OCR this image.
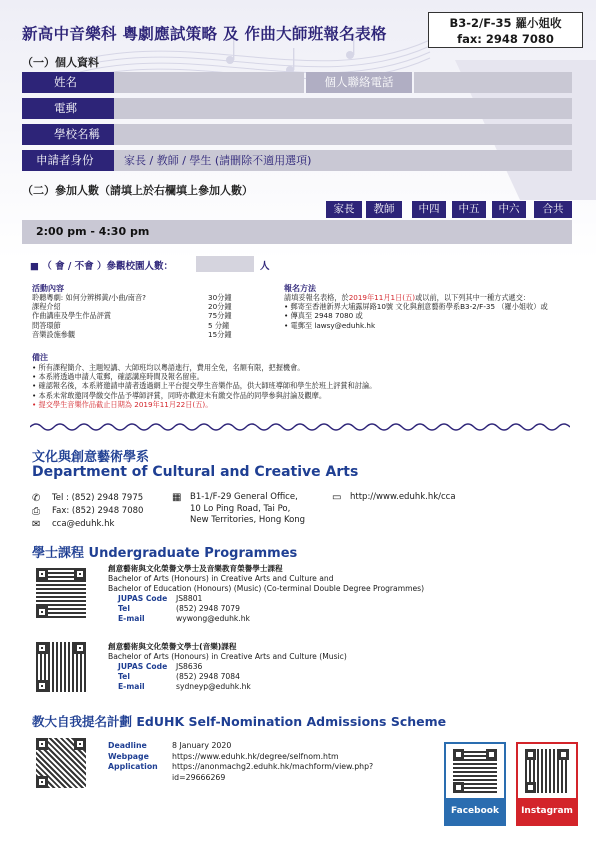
新高中音樂科 粵劇應試策略 及 作曲大師班報名表格
B3-2/F-35 羅小姐收
fax: 2948 7080
（一）個人資料
姓名	個人聯絡電話
電郵
學校名稱
申請者身份	家長 / 教師 / 學生 (請刪除不適用選項)
（二）參加人數（請填上於右欄填上參加人數）
家長	教師	中四	中五	中六	合共
2:00 pm - 4:30 pm
■ （ 會 / 不會 ）參觀校園人數：	人
活動內容
聆聽粵劇: 如何分辨梆黃/小曲/南音?	30分鐘
課程介紹	20分鐘
作曲講座及學生作品評賞	75分鐘
問答環節	5 分鐘
音樂設施參觀	15分鐘
報名方法
請填妥報名表格，於2019年11月1日(五)或以前，以下列其中一種方式遞交：
• 郵寄至香港新界大埔露屏路10號 文化與創意藝術學系B3-2/F-35 （羅小姐收）或
• 傳真至 2948 7080 或
• 電郵至 lawsy@eduhk.hk
備注
• 所有課程簡介、主題短講、大師班均以粵語進行，費用全免，名額有限，把握機會。
• 本系將透過申請人電郵，確認講座時間及報名留座。
• 確認報名後，本系將邀請申請者透過網上平台提交學生音樂作品，供大師班導師和學生於班上評賞和討論。
• 本系未常敢邀同學繳交作品予導師評賞，同時亦歡迎未有繳交作品的同學參與討論及觀摩。
• 提交學生音樂作品截止日期為 2019年11月22日(五)。
文化與創意藝術學系
Department of Cultural and Creative Arts
✆	Tel : (852) 2948 7975
⎙	Fax: (852) 2948 7080
✉	cca@eduhk.hk
▦	B1-1/F-29 General Office,
10 Lo Ping Road, Tai Po,
New Territories, Hong Kong
▭	http://www.eduhk.hk/cca
學士課程 Undergraduate Programmes
創意藝術與文化榮譽文學士及音樂教育榮譽學士課程
Bachelor of Arts (Honours) in Creative Arts and Culture and
Bachelor of Education (Honours) (Music) (Co-terminal Double Degree Programmes)
JUPAS Code	JS8801
Tel	(852) 2948 7079
E-mail	wywong@eduhk.hk
創意藝術與文化榮譽文學士(音樂)課程
Bachelor of Arts (Honours) in Creative Arts and Culture (Music)
JUPAS Code	JS8636
Tel	(852) 2948 7084
E-mail	sydneyp@eduhk.hk
教大自我提名計劃 EdUHK Self-Nomination Admissions Scheme
Deadline	8 January 2020
Webpage	https://www.eduhk.hk/degree/selfnom.htm
Application	https://anonmachg2.eduhk.hk/machform/view.php?
id=29666269
Facebook	Instagram
